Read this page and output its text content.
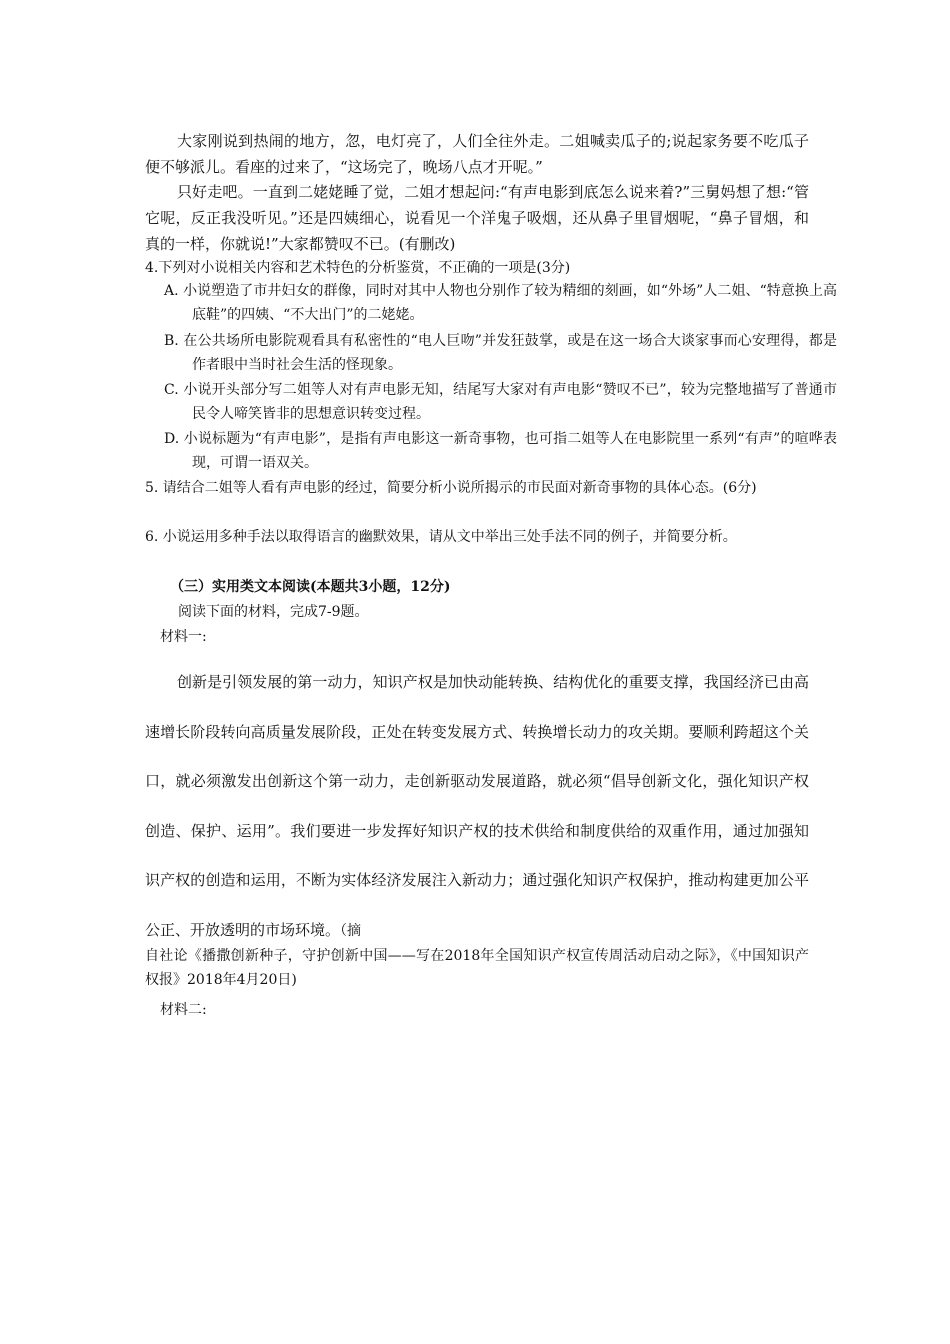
大家刚说到热闹的地方，忽，电灯亮了，人们全往外走。二姐喊卖瓜子的;说起家务要不吃瓜子便不够派儿。看座的过来了，“这场完了，晚场八点才开呢。”

只好走吧。一直到二姥姥睡了觉，二姐才想起问:“有声电影到底怎么说来着?”三舅妈想了想:“管它呢，反正我没听见。”还是四姨细心，说看见一个洋鬼子吸烟，还从鼻子里冒烟呢，“鼻子冒烟，和真的一样，你就说!”大家都赞叹不已。(有删改)

4.下列对小说相关内容和艺术特色的分析鉴赏，不正确的一项是(3分)

A. 小说塑造了市井妇女的群像，同时对其中人物也分别作了较为精细的刻画，如“外场”人二姐、“特意换上高底鞋”的四姨、“不大出门”的二姥姥。

B. 在公共场所电影院观看具有私密性的“电人巨吻”并发狂鼓掌，或是在这一场合大谈家事而心安理得，都是作者眼中当时社会生活的怪现象。

C. 小说开头部分写二姐等人对有声电影无知，结尾写大家对有声电影“赞叹不已”，较为完整地描写了普通市民令人啼笑皆非的思想意识转变过程。

D. 小说标题为“有声电影”，是指有声电影这一新奇事物，也可指二姐等人在电影院里一系列“有声”的喧哗表现，可谓一语双关。

5. 请结合二姐等人看有声电影的经过，简要分析小说所揭示的市民面对新奇事物的具体心态。(6分)

6. 小说运用多种手法以取得语言的幽默效果，请从文中举出三处手法不同的例子，并简要分析。

（三）实用类文本阅读(本题共3小题，12分)

阅读下面的材料，完成7-9题。

材料一:

创新是引领发展的第一动力，知识产权是加快动能转换、结构优化的重要支撑，我国经济已由高速增长阶段转向高质量发展阶段，正处在转变发展方式、转换增长动力的攻关期。要顺利跨超这个关口，就必须激发出创新这个第一动力，走创新驱动发展道路，就必须“倡导创新文化，强化知识产权创造、保护、运用”。我们要进一步发挥好知识产权的技术供给和制度供给的双重作用，通过加强知识产权的创造和运用，不断为实体经济发展注入新动力；通过强化知识产权保护，推动构建更加公平公正、开放透明的市场环境。（摘

自社论《播撒创新种子，守护创新中国——写在2018年全国知识产权宣传周活动启动之际》，《中国知识产权报》2018年4月20日)

材料二:
